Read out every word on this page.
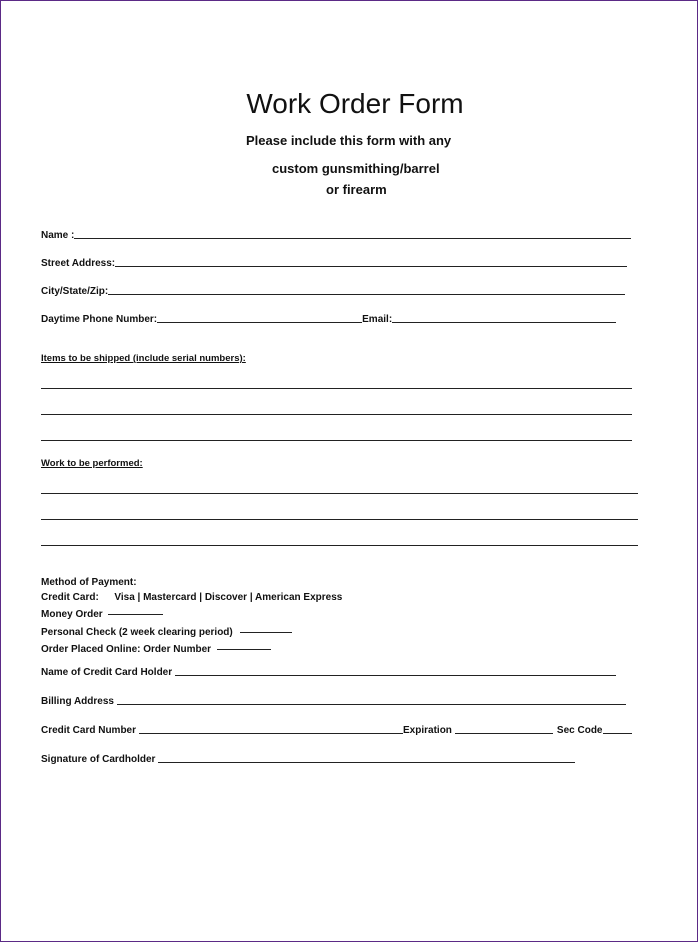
Work Order Form
Please include this form with any
custom gunsmithing/barrel
or firearm
Name :
Street Address:
City/State/Zip:
Daytime Phone Number:	Email:
Items to be shipped (include serial numbers):
Work to be performed:
Method of Payment:
Credit Card: Visa | Mastercard | Discover | American Express
Money Order
Personal Check (2 week clearing period)
Order Placed Online: Order Number
Name of Credit Card Holder
Billing Address
Credit Card Number	Expiration	Sec Code
Signature of Cardholder
